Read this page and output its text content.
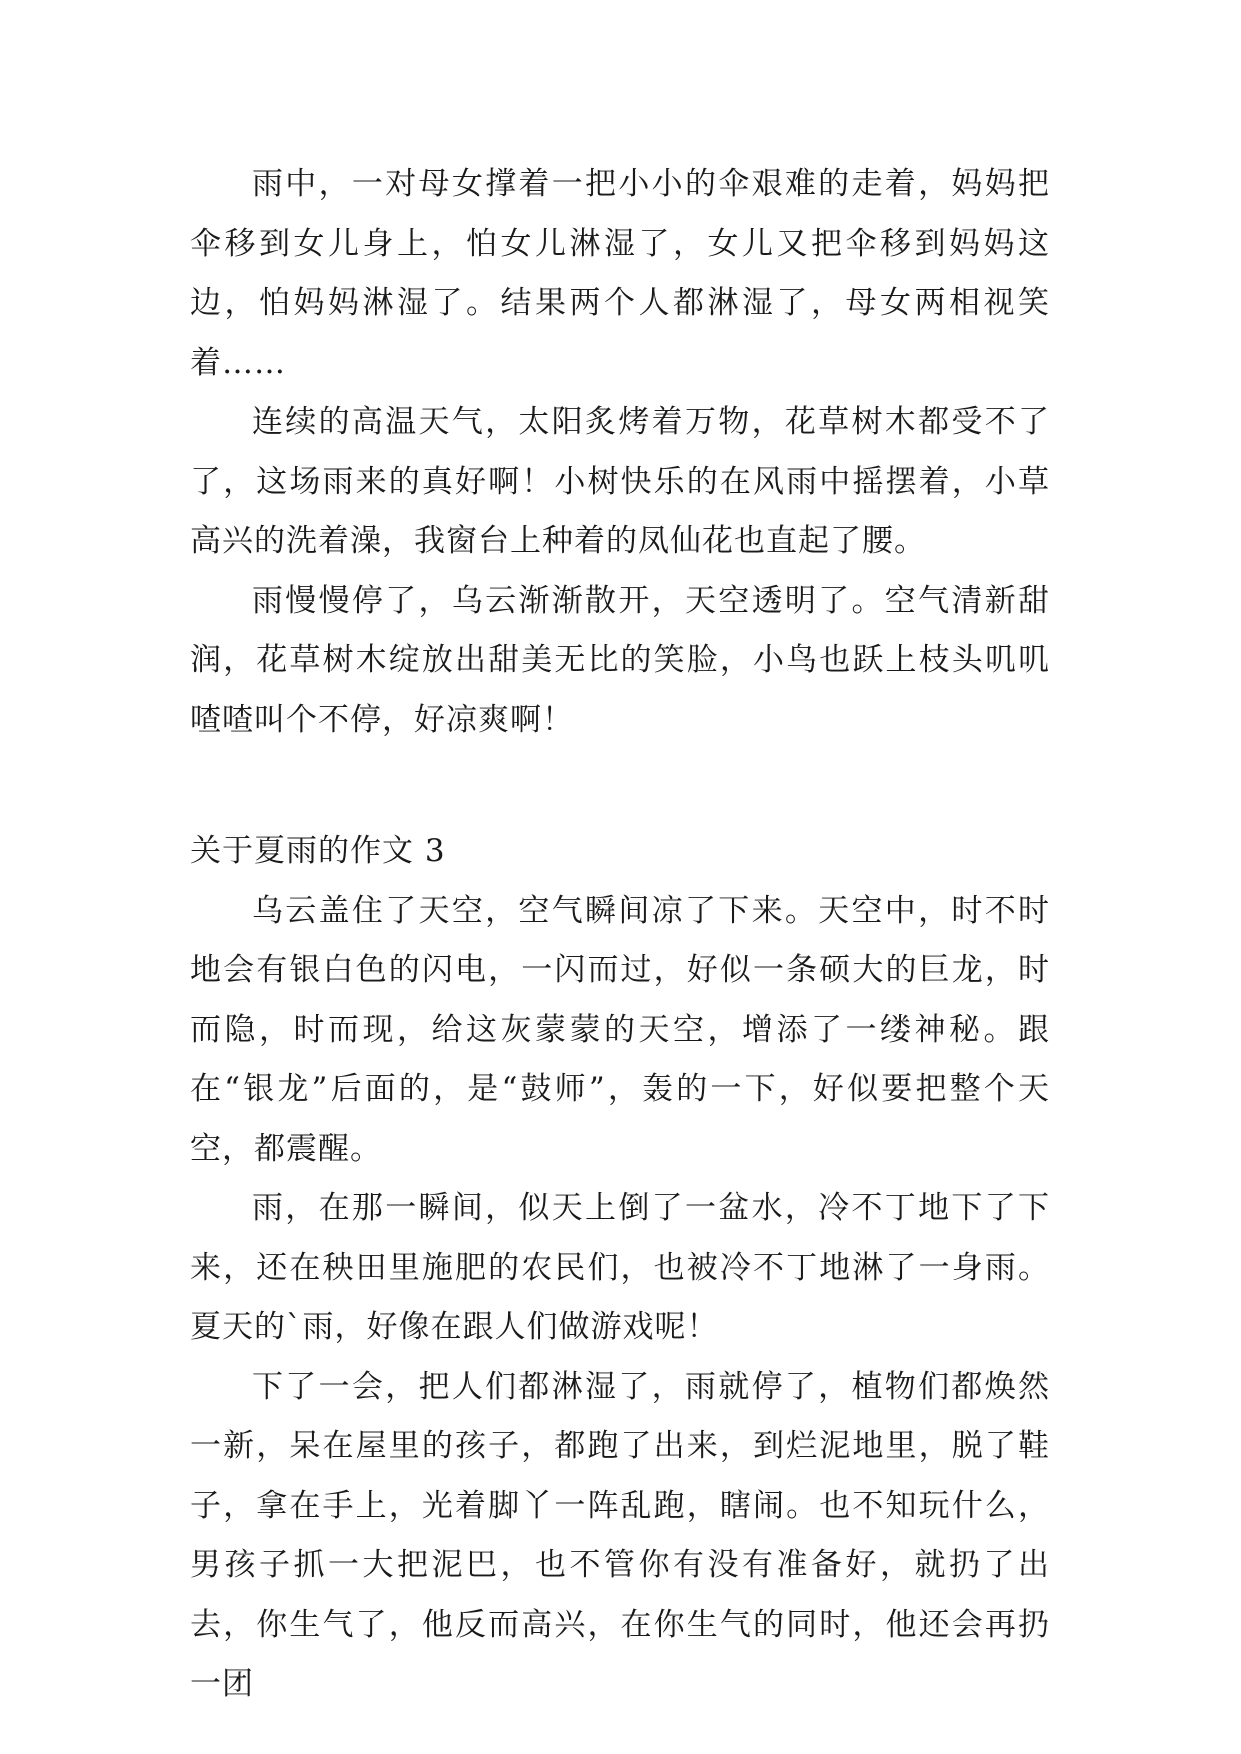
雨中，一对母女撑着一把小小的伞艰难的走着，妈妈把伞移到女儿身上，怕女儿淋湿了，女儿又把伞移到妈妈这边，怕妈妈淋湿了。结果两个人都淋湿了，母女两相视笑着……

连续的高温天气，太阳炙烤着万物，花草树木都受不了了，这场雨来的真好啊！小树快乐的在风雨中摇摆着，小草高兴的洗着澡，我窗台上种着的凤仙花也直起了腰。

雨慢慢停了，乌云渐渐散开，天空透明了。空气清新甜润，花草树木绽放出甜美无比的笑脸，小鸟也跃上枝头叽叽喳喳叫个不停，好凉爽啊！

关于夏雨的作文 3

乌云盖住了天空，空气瞬间凉了下来。天空中，时不时地会有银白色的闪电，一闪而过，好似一条硕大的巨龙，时而隐，时而现，给这灰蒙蒙的天空，增添了一缕神秘。跟在“银龙”后面的，是“鼓师”，轰的一下，好似要把整个天空，都震醒。

雨，在那一瞬间，似天上倒了一盆水，冷不丁地下了下来，还在秧田里施肥的农民们，也被冷不丁地淋了一身雨。夏天的`雨，好像在跟人们做游戏呢！

下了一会，把人们都淋湿了，雨就停了，植物们都焕然一新，呆在屋里的孩子，都跑了出来，到烂泥地里，脱了鞋子，拿在手上，光着脚丫一阵乱跑，瞎闹。也不知玩什么，男孩子抓一大把泥巴，也不管你有没有准备好，就扔了出去，你生气了，他反而高兴，在你生气的同时，他还会再扔一团
